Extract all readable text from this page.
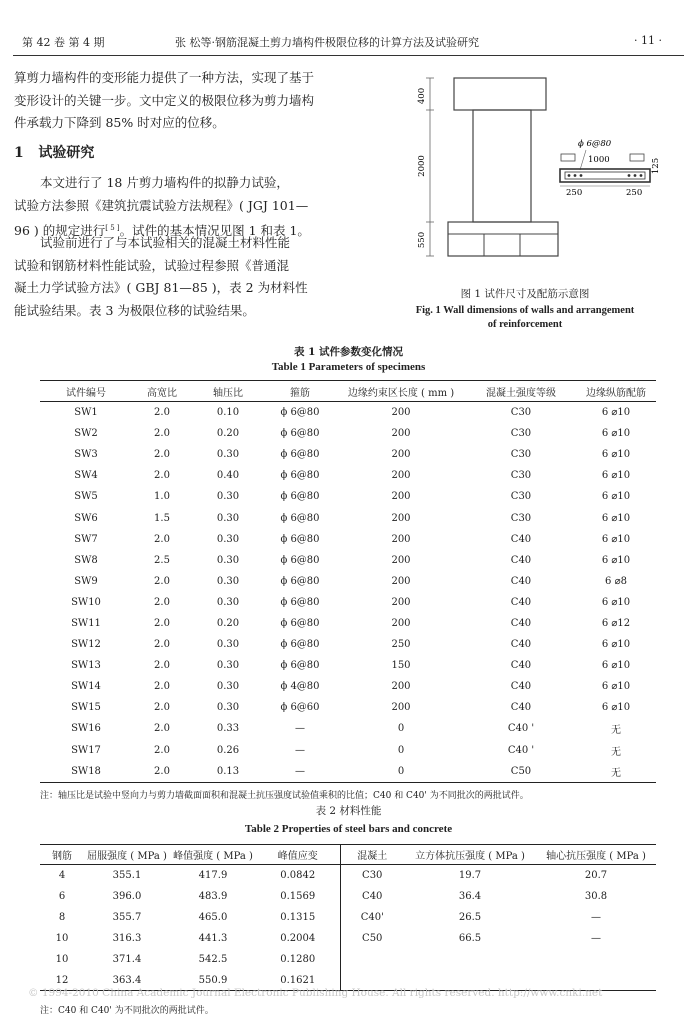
第 42 卷 第 4 期	张 松等·钢筋混凝土剪力墙构件极限位移的计算方法及试验研究	· 11 ·
算剪力墙构件的变形能力提供了一种方法，实现了基于
变形设计的关键一步。文中定义的极限位移为剪力墙构
件承载力下降到 85% 时对应的位移。
1 试验研究
本文进行了 18 片剪力墙构件的拟静力试验，
试验方法参照《建筑抗震试验方法规程》( JGJ 101—
96 ) 的规定进行[ 5 ]。试件的基本情况见图 1 和表 1。
试验前进行了与本试验相关的混凝土材料性能
试验和钢筋材料性能试验，试验过程参照《普通混
凝土力学试验方法》( GBJ 81—85 )，表 2 为材料性
能试验结果。表 3 为极限位移的试验结果。
400
2000
550
ϕ 6@80
1000	125
250	250
图 1 试件尺寸及配筋示意图
Fig. 1 Wall dimensions of walls and arrangement
of reinforcement
表 1 试件参数变化情况
Table 1 Parameters of specimens
试件编号	高宽比	轴压比	箍筋	边缘约束区长度 ( mm )	混凝土强度等级	边缘纵筋配筋
SW1	2.0	0.10	ϕ 6@80	200	C30	6 ⌀10
SW2	2.0	0.20	ϕ 6@80	200	C30	6 ⌀10
SW3	2.0	0.30	ϕ 6@80	200	C30	6 ⌀10
SW4	2.0	0.40	ϕ 6@80	200	C30	6 ⌀10
SW5	1.0	0.30	ϕ 6@80	200	C30	6 ⌀10
SW6	1.5	0.30	ϕ 6@80	200	C30	6 ⌀10
SW7	2.0	0.30	ϕ 6@80	200	C40	6 ⌀10
SW8	2.5	0.30	ϕ 6@80	200	C40	6 ⌀10
SW9	2.0	0.30	ϕ 6@80	200	C40	6 ⌀8
SW10	2.0	0.30	ϕ 6@80	200	C40	6 ⌀10
SW11	2.0	0.20	ϕ 6@80	200	C40	6 ⌀12
SW12	2.0	0.30	ϕ 6@80	250	C40	6 ⌀10
SW13	2.0	0.30	ϕ 6@80	150	C40	6 ⌀10
SW14	2.0	0.30	ϕ 4@80	200	C40	6 ⌀10
SW15	2.0	0.30	ϕ 6@60	200	C40	6 ⌀10
SW16	2.0	0.33	—	0	C40 '	无
SW17	2.0	0.26	—	0	C40 '	无
SW18	2.0	0.13	—	0	C50	无
注：轴压比是试验中竖向力与剪力墙截面面积和混凝土抗压强度试验值乘积的比值；C40 和 C40' 为不同批次的两批试件。
表 2 材料性能
Table 2 Properties of steel bars and concrete
钢筋	屈服强度 ( MPa )	峰值强度 ( MPa )	峰值应变	混凝土	立方体抗压强度 ( MPa )	轴心抗压强度 ( MPa )
4	355.1	417.9	0.0842	C30	19.7	20.7
6	396.0	483.9	0.1569	C40	36.4	30.8
8	355.7	465.0	0.1315	C40'	26.5	—
10	316.3	441.3	0.2004	C50	66.5	—
10	371.4	542.5	0.1280			
12	363.4	550.9	0.1621			
© 1994-2010 China Academic Journal Electronic Publishing House. All rights reserved. http://www.cnki.net
注：C40 和 C40' 为不同批次的两批试件。
